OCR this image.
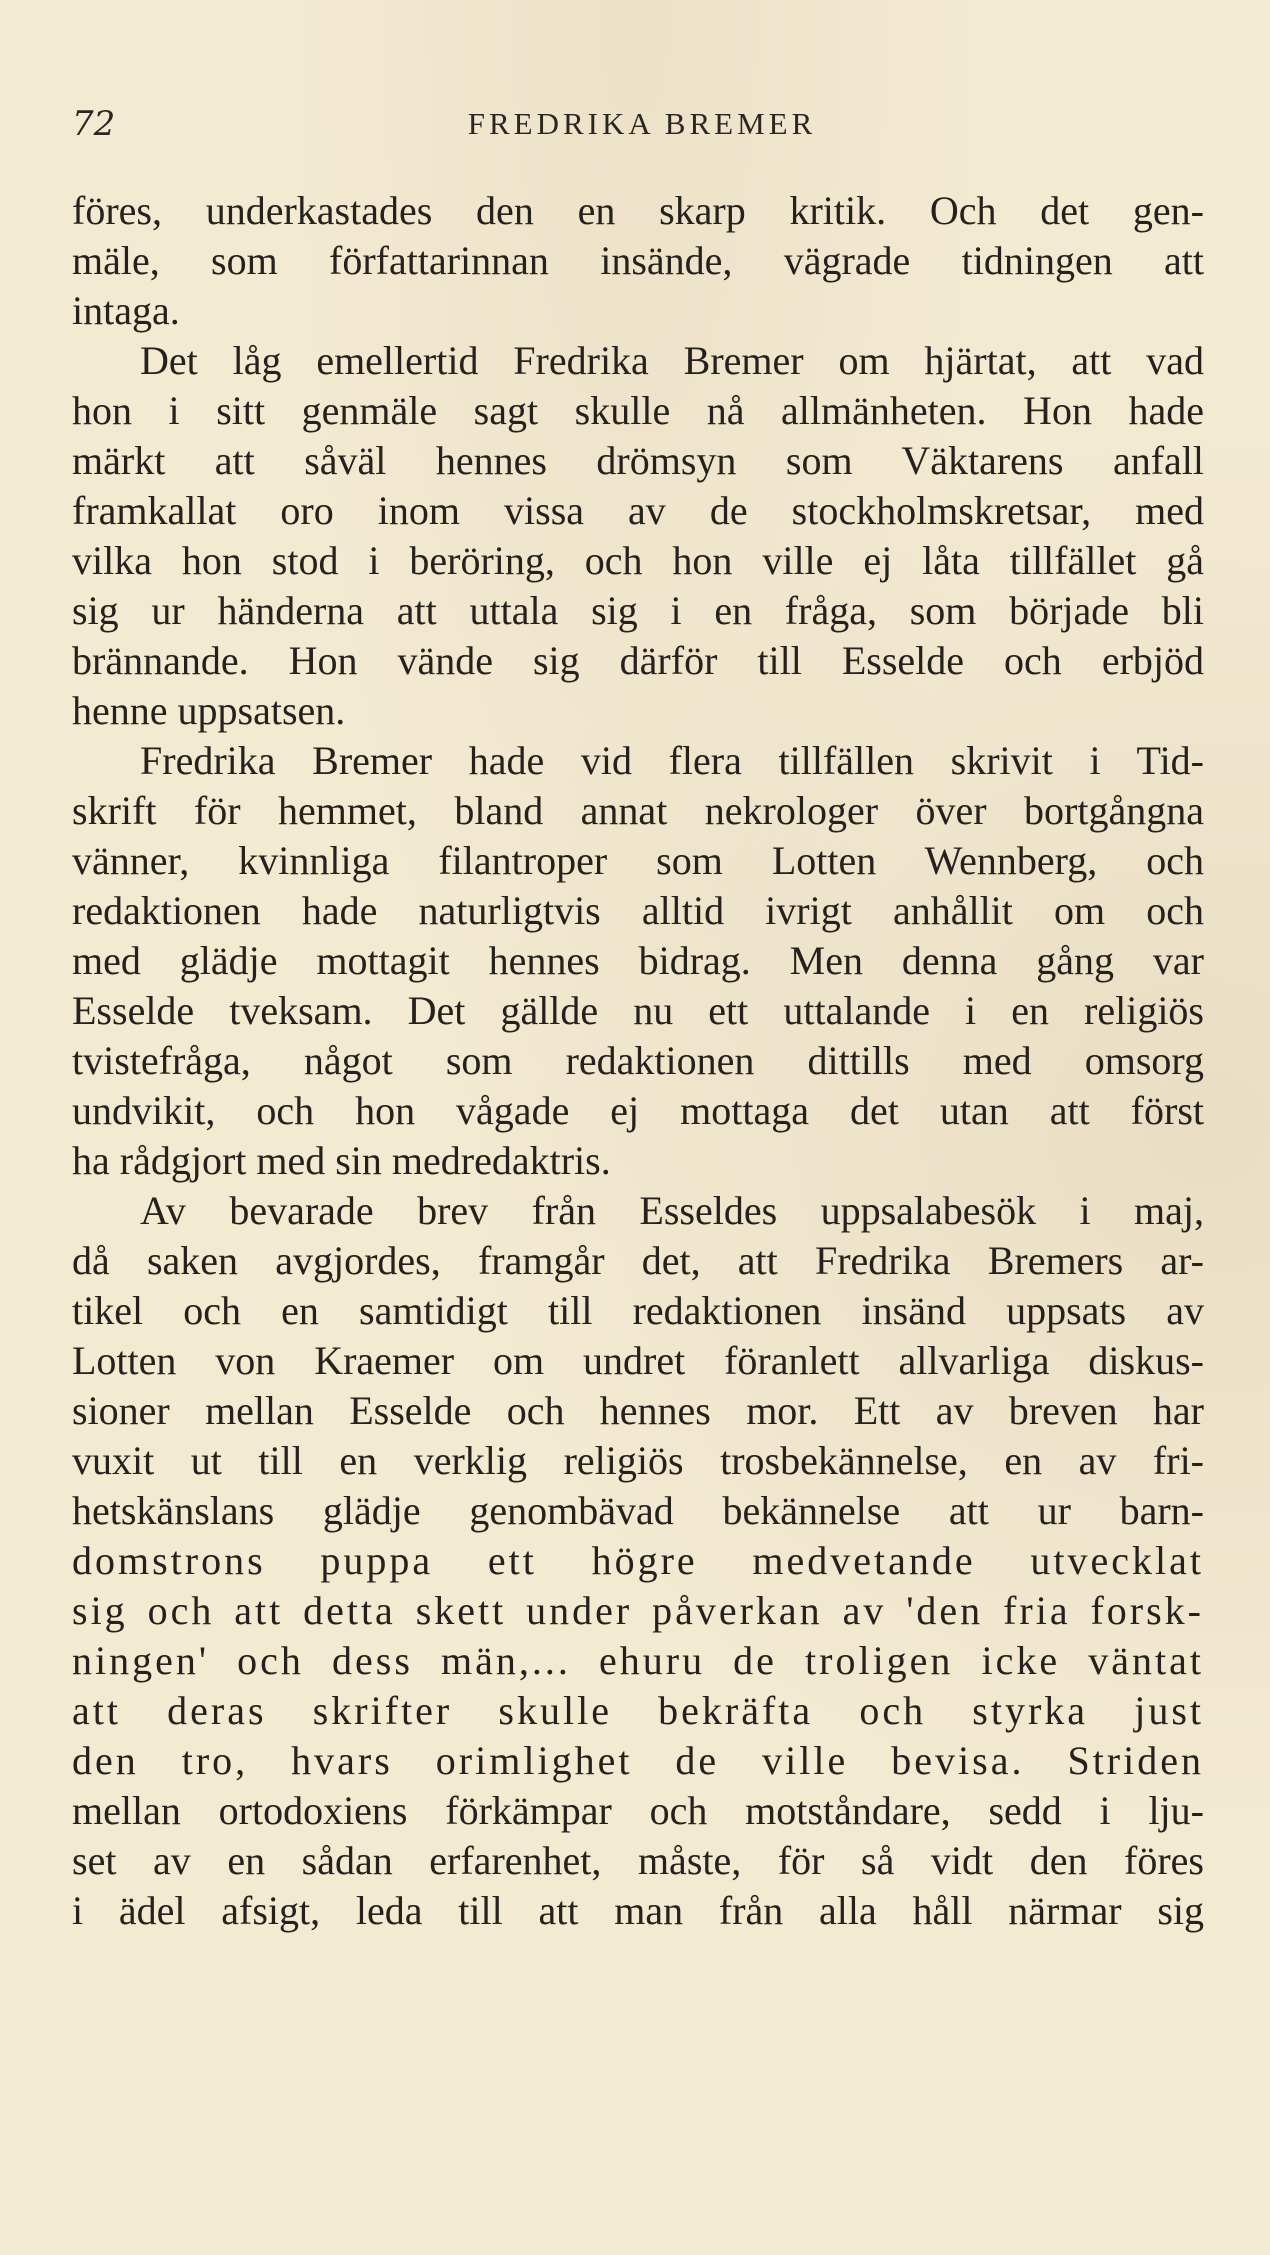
72	FREDRIKA BREMER
föres, underkastades den en skarp kritik. Och det gen-
mäle, som författarinnan insände, vägrade tidningen att
intaga.
Det låg emellertid Fredrika Bremer om hjärtat, att vad
hon i sitt genmäle sagt skulle nå allmänheten. Hon hade
märkt att såväl hennes drömsyn som Väktarens anfall
framkallat oro inom vissa av de stockholmskretsar, med
vilka hon stod i beröring, och hon ville ej låta tillfället gå
sig ur händerna att uttala sig i en fråga, som började bli
brännande. Hon vände sig därför till Esselde och erbjöd
henne uppsatsen.
Fredrika Bremer hade vid flera tillfällen skrivit i Tid-
skrift för hemmet, bland annat nekrologer över bortgångna
vänner, kvinnliga filantroper som Lotten Wennberg, och
redaktionen hade naturligtvis alltid ivrigt anhållit om och
med glädje mottagit hennes bidrag. Men denna gång var
Esselde tveksam. Det gällde nu ett uttalande i en religiös
tvistefråga, något som redaktionen dittills med omsorg
undvikit, och hon vågade ej mottaga det utan att först
ha rådgjort med sin medredaktris.
Av bevarade brev från Esseldes uppsalabesök i maj,
då saken avgjordes, framgår det, att Fredrika Bremers ar-
tikel och en samtidigt till redaktionen insänd uppsats av
Lotten von Kraemer om undret föranlett allvarliga diskus-
sioner mellan Esselde och hennes mor. Ett av breven har
vuxit ut till en verklig religiös trosbekännelse, en av fri-
hetskänslans glädje genombävad bekännelse att ur barn-
domstrons puppa ett högre medvetande utvecklat
sig och att detta skett under påverkan av 'den fria forsk-
ningen' och dess män,... ehuru de troligen icke väntat
att deras skrifter skulle bekräfta och styrka just
den tro, hvars orimlighet de ville bevisa. Striden
mellan ortodoxiens förkämpar och motståndare, sedd i lju-
set av en sådan erfarenhet, måste, för så vidt den föres
i ädel afsigt, leda till att man från alla håll närmar sig
